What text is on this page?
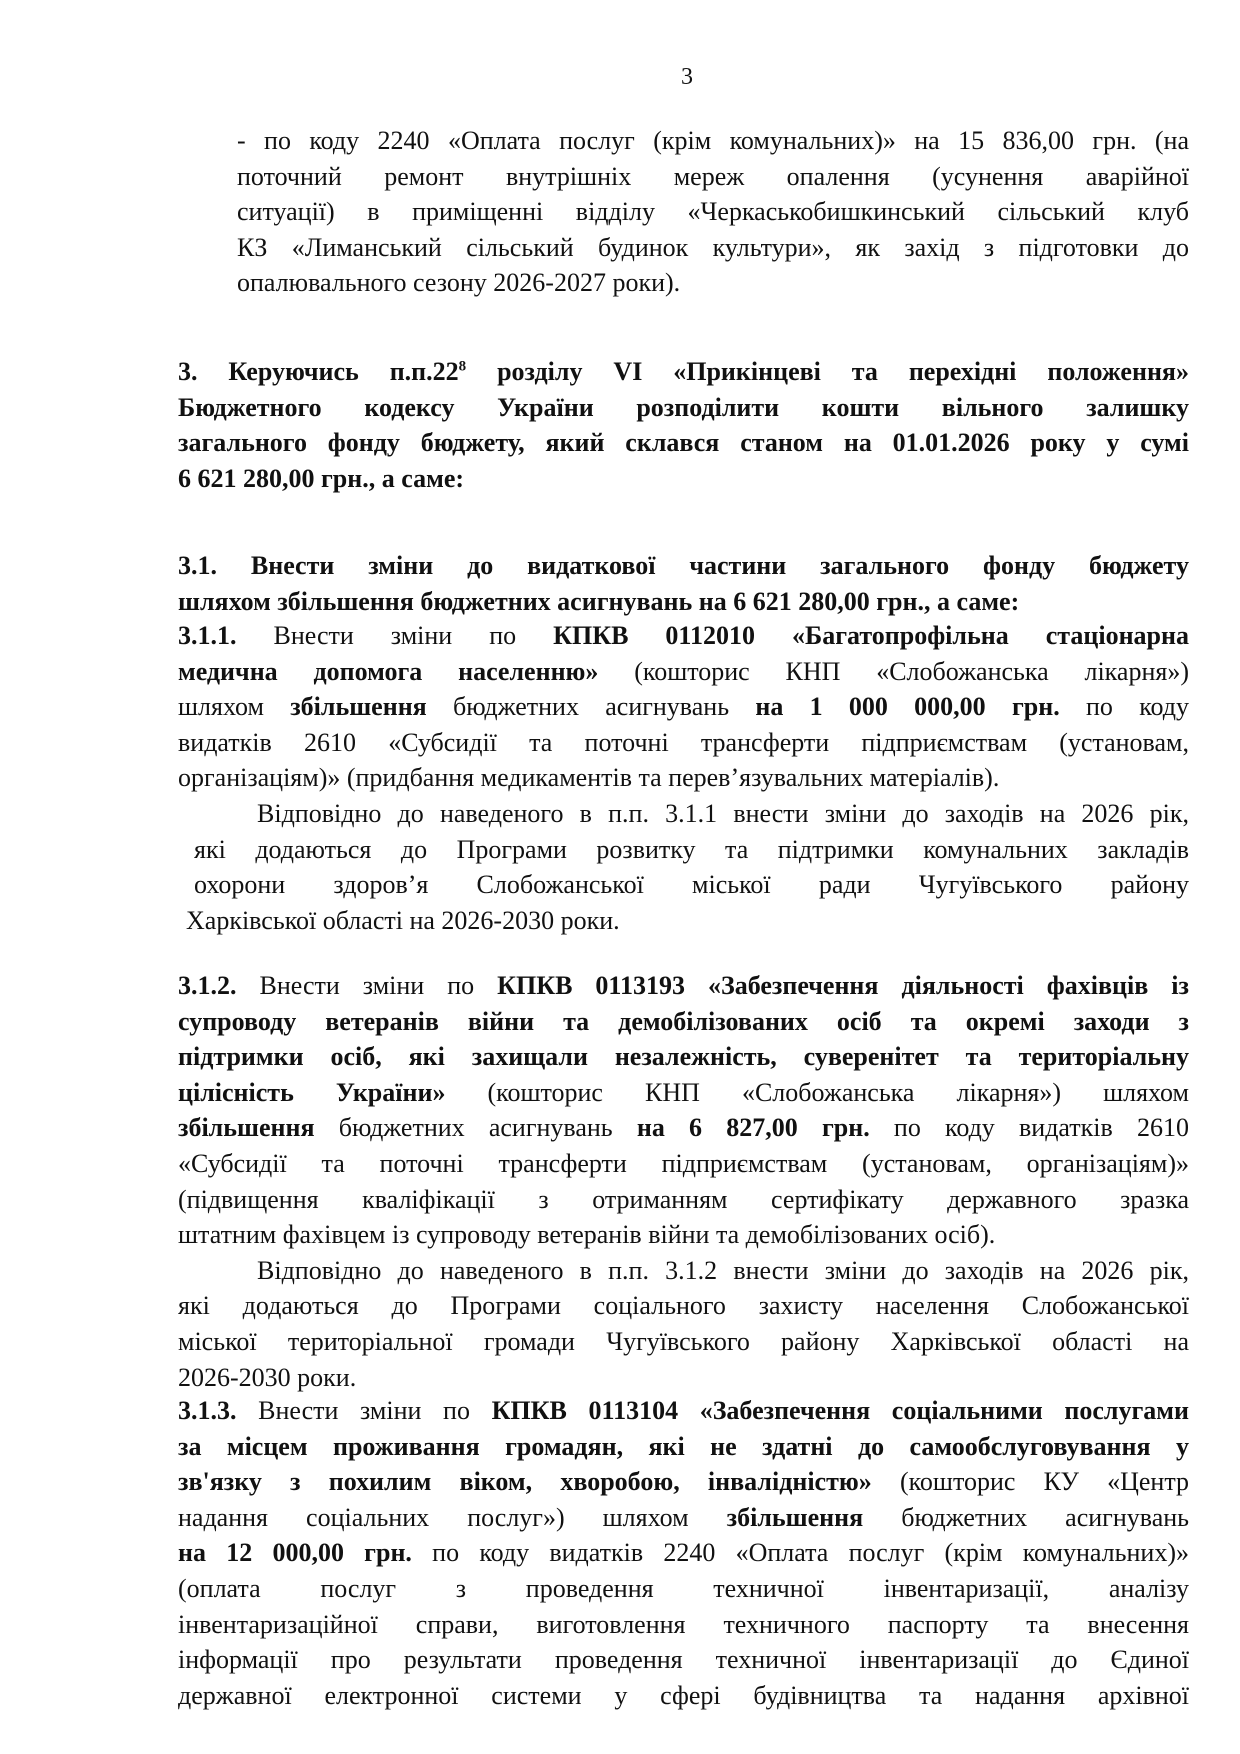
3
- по коду 2240 «Оплата послуг (крім комунальних)» на 15 836,00 грн. (на
поточний ремонт внутрішніх мереж опалення (усунення аварійної
ситуації) в приміщенні відділу «Черкаськобишкинський сільський клуб
КЗ «Лиманський сільський будинок культури», як захід з підготовки до
опалювального сезону 2026-2027 роки).
3. Керуючись $п.п.22^8$ розділу VI «Прикінцеві та перехідні положення»
Бюджетного кодексу України розподілити кошти вільного залишку
загального фонду бюджету, який склався станом на 01.01.2026 року у сумі
6 621 280,00 грн., а саме:
3.1. Внести зміни до видаткової частини загального фонду бюджету
шляхом збільшення бюджетних асигнувань на 6 621 280,00 грн., а саме:
3.1.1. Внести зміни по КПКВ 0112010 «Багатопрофільна стаціонарна
медична допомога населенню» (кошторис КНП «Слобожанська лікарня»)
шляхом збільшення бюджетних асигнувань на 1 000 000,00 грн. по коду
видатків 2610 «Субсидії та поточні трансферти підприємствам (установам,
організаціям)» (придбання медикаментів та перев’язувальних матеріалів).
Відповідно до наведеного в п.п. 3.1.1 внести зміни до заходів на 2026 рік,
які додаються до Програми розвитку та підтримки комунальних закладів
охорони здоров’я Слобожанської міської ради Чугуївського району
Харківської області на 2026-2030 роки.
3.1.2. Внести зміни по КПКВ 0113193 «Забезпечення діяльності фахівців із
супроводу ветеранів війни та демобілізованих осіб та окремі заходи з
підтримки осіб, які захищали незалежність, суверенітет та територіальну
цілісність України» (кошторис КНП «Слобожанська лікарня») шляхом
збільшення бюджетних асигнувань на 6 827,00 грн. по коду видатків 2610
«Субсидії та поточні трансферти підприємствам (установам, організаціям)»
(підвищення кваліфікації з отриманням сертифікату державного зразка
штатним фахівцем із супроводу ветеранів війни та демобілізованих осіб).
Відповідно до наведеного в п.п. 3.1.2 внести зміни до заходів на 2026 рік,
які додаються до Програми соціального захисту населення Слобожанської
міської територіальної громади Чугуївського району Харківської області на
2026-2030 роки.
3.1.3. Внести зміни по КПКВ 0113104 «Забезпечення соціальними послугами
за місцем проживання громадян, які не здатні до самообслуговування у
зв'язку з похилим віком, хворобою, інвалідністю» (кошторис КУ «Центр
надання соціальних послуг») шляхом збільшення бюджетних асигнувань
на 12 000,00 грн. по коду видатків 2240 «Оплата послуг (крім комунальних)»
(оплата послуг з проведення техничної інвентаризації, аналізу
інвентаризаційної справи, виготовлення техничного паспорту та внесення
інформації про результати проведення техничної інвентаризації до Єдиної
державної електронної системи у сфері будівництва та надання архівної
